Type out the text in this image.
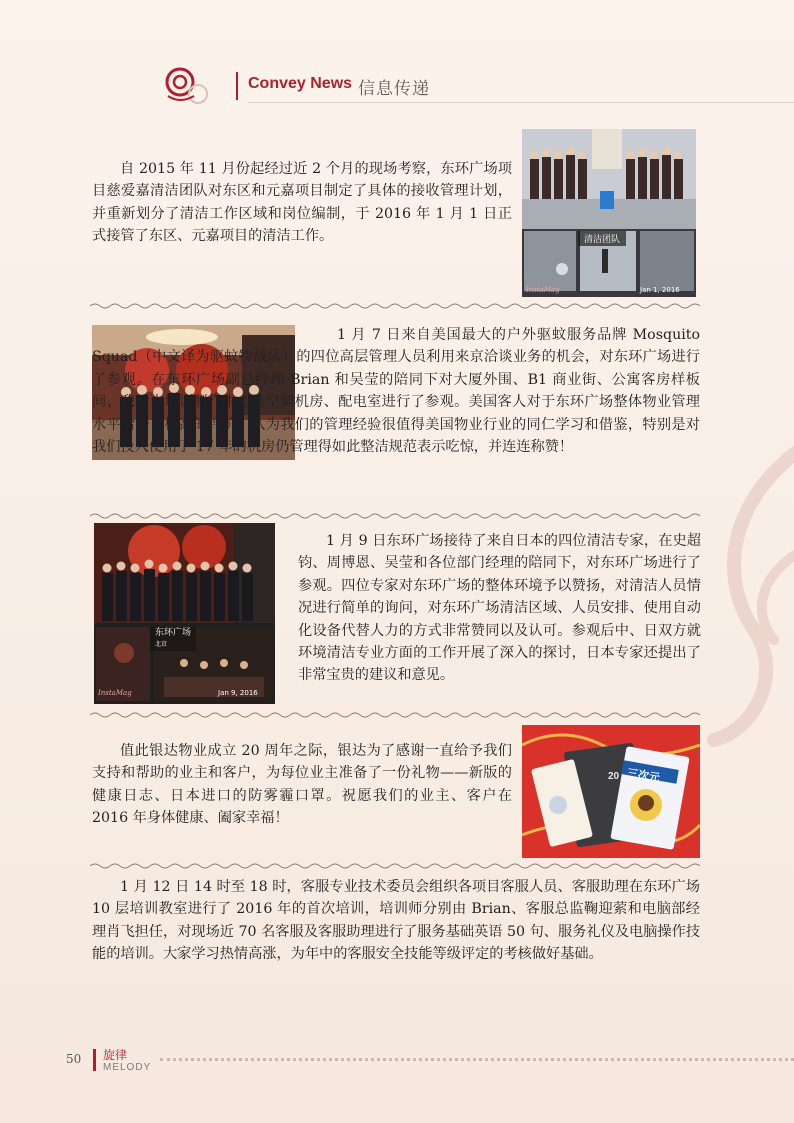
Convey News 信息传递

自 2015 年 11 月份起经过近 2 个月的现场考察，东环广场项目慈爱嘉清洁团队对东区和元嘉项目制定了具体的接收管理计划，并重新划分了清洁工作区域和岗位编制，于 2016 年 1 月 1 日正式接管了东区、元嘉项目的清洁工作。	清洁团队
Jan 1, 2016
InstaMag

1 月 7 日来自美国最大的户外驱蚊服务品牌 Mosquito Squad（中文译为驱蚊特战队）的四位高层管理人员利用来京洽谈业务的机会，对东环广场进行了参观。在东环广场副总经理 Brian 和吴莹的陪同下对大厦外围、B1 商业街、公寓客房样板间、我爱水培训制作中心及空调机房、配电室进行了参观。美国客人对于东环广场整体物业管理水平给予了极高的评价，认为我们的管理经验很值得美国物业行业的同仁学习和借鉴，特别是对我们投入使用了 17 年的机房仍管理得如此整洁规范表示吃惊，并连连称赞！

东环广场
北京
Jan 9, 2016
InstaMag

1 月 9 日东环广场接待了来自日本的四位清洁专家，在史超钧、周博恩、吴莹和各位部门经理的陪同下，对东环广场进行了参观。四位专家对东环广场的整体环境予以赞扬，对清洁人员情况进行简单的询问，对东环广场清洁区域、人员安排、使用自动化设备代替人力的方式非常赞同以及认可。参观后中、日双方就环境清洁专业方面的工作开展了深入的探讨，日本专家还提出了非常宝贵的建议和意见。

值此银达物业成立 20 周年之际，银达为了感谢一直给予我们支持和帮助的业主和客户，为每位业主准备了一份礼物——新版的健康日志、日本进口的防雾霾口罩。祝愿我们的业主、客户在 2016 年身体健康、阖家幸福！

20 三次元

1 月 12 日 14 时至 18 时，客服专业技术委员会组织各项目客服人员、客服助理在东环广场 10 层培训教室进行了 2016 年的首次培训，培训师分别由 Brian、客服总监鞠迎萦和电脑部经理肖飞担任，对现场近 70 名客服及客服助理进行了服务基础英语 50 句、服务礼仪及电脑操作技能的培训。大家学习热情高涨，为年中的客服安全技能等级评定的考核做好基础。

50 旋律
MELODY
